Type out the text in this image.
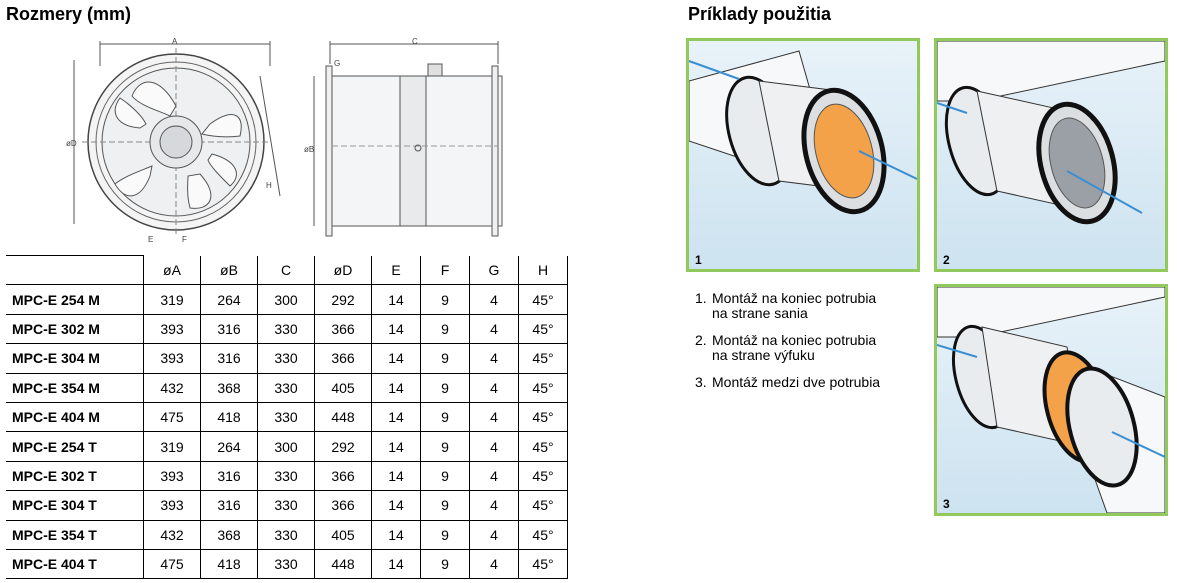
Rozmery (mm)	Príklady použitia
A
øD
H
E	F
C
G
øB
	øA	øB	C	øD	E	F	G	H
MPC-E 254 M	319	264	300	292	14	9	4	45°
MPC-E 302 M	393	316	330	366	14	9	4	45°
MPC-E 304 M	393	316	330	366	14	9	4	45°
MPC-E 354 M	432	368	330	405	14	9	4	45°
MPC-E 404 M	475	418	330	448	14	9	4	45°
MPC-E 254 T	319	264	300	292	14	9	4	45°
MPC-E 302 T	393	316	330	366	14	9	4	45°
MPC-E 304 T	393	316	330	366	14	9	4	45°
MPC-E 354 T	432	368	330	405	14	9	4	45°
MPC-E 404 T	475	418	330	448	14	9	4	45°
1	2
3
1. Montáž na koniec potrubia
na strane sania
2. Montáž na koniec potrubia
na strane výfuku
3. Montáž medzi dve potrubia
